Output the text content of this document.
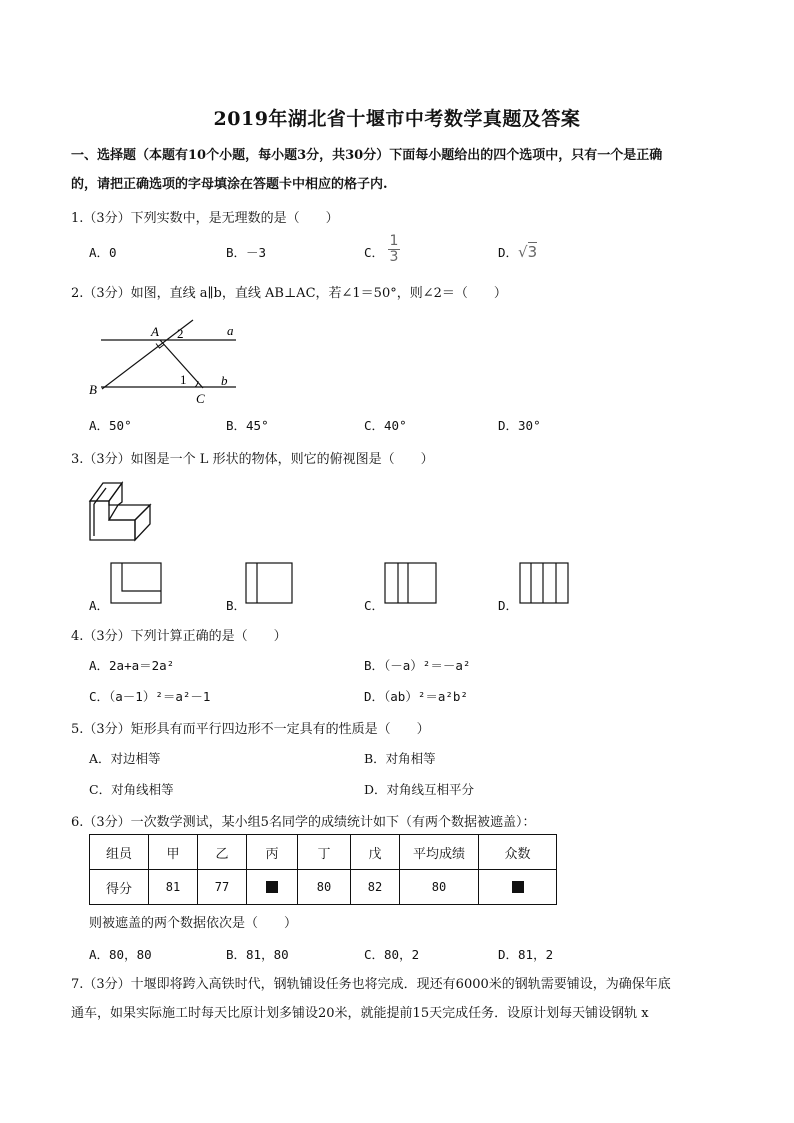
2019年湖北省十堰市中考数学真题及答案
一、选择题（本题有10个小题，每小题3分，共30分）下面每小题给出的四个选项中，只有一个是正确
的，请把正确选项的字母填涂在答题卡中相应的格子内.
1.（3分）下列实数中，是无理数的是（　　）
A．0	B．－3	C． $\frac{1}{3}$	D．√3
2.（3分）如图，直线 a∥b，直线 AB⊥AC，若∠1＝50°，则∠2＝（　　）
A 2	a
B
1
C
b
A．50°	B．45°	C．40°	D．30°
3.（3分）如图是一个 L 形状的物体，则它的俯视图是（　　）
A．	B．	C．	D．
4.（3分）下列计算正确的是（　　）
A．2a+a＝2a²	B．（－a）²＝－a²
C．（a－1）²＝a²－1	D．（ab）²＝a²b²
5.（3分）矩形具有而平行四边形不一定具有的性质是（　　）
A．对边相等	B．对角相等
C．对角线相等	D．对角线互相平分
6.（3分）一次数学测试，某小组5名同学的成绩统计如下（有两个数据被遮盖）：
组员	甲	乙	丙	丁	戊	平均成绩	众数
得分	81	77		80	82	80	
则被遮盖的两个数据依次是（　　）
A．80，80	B．81，80	C．80，2	D．81，2
7.（3分）十堰即将跨入高铁时代，钢轨铺设任务也将完成．现还有6000米的钢轨需要铺设，为确保年底
通车，如果实际施工时每天比原计划多铺设20米，就能提前15天完成任务．设原计划每天铺设钢轨 x
